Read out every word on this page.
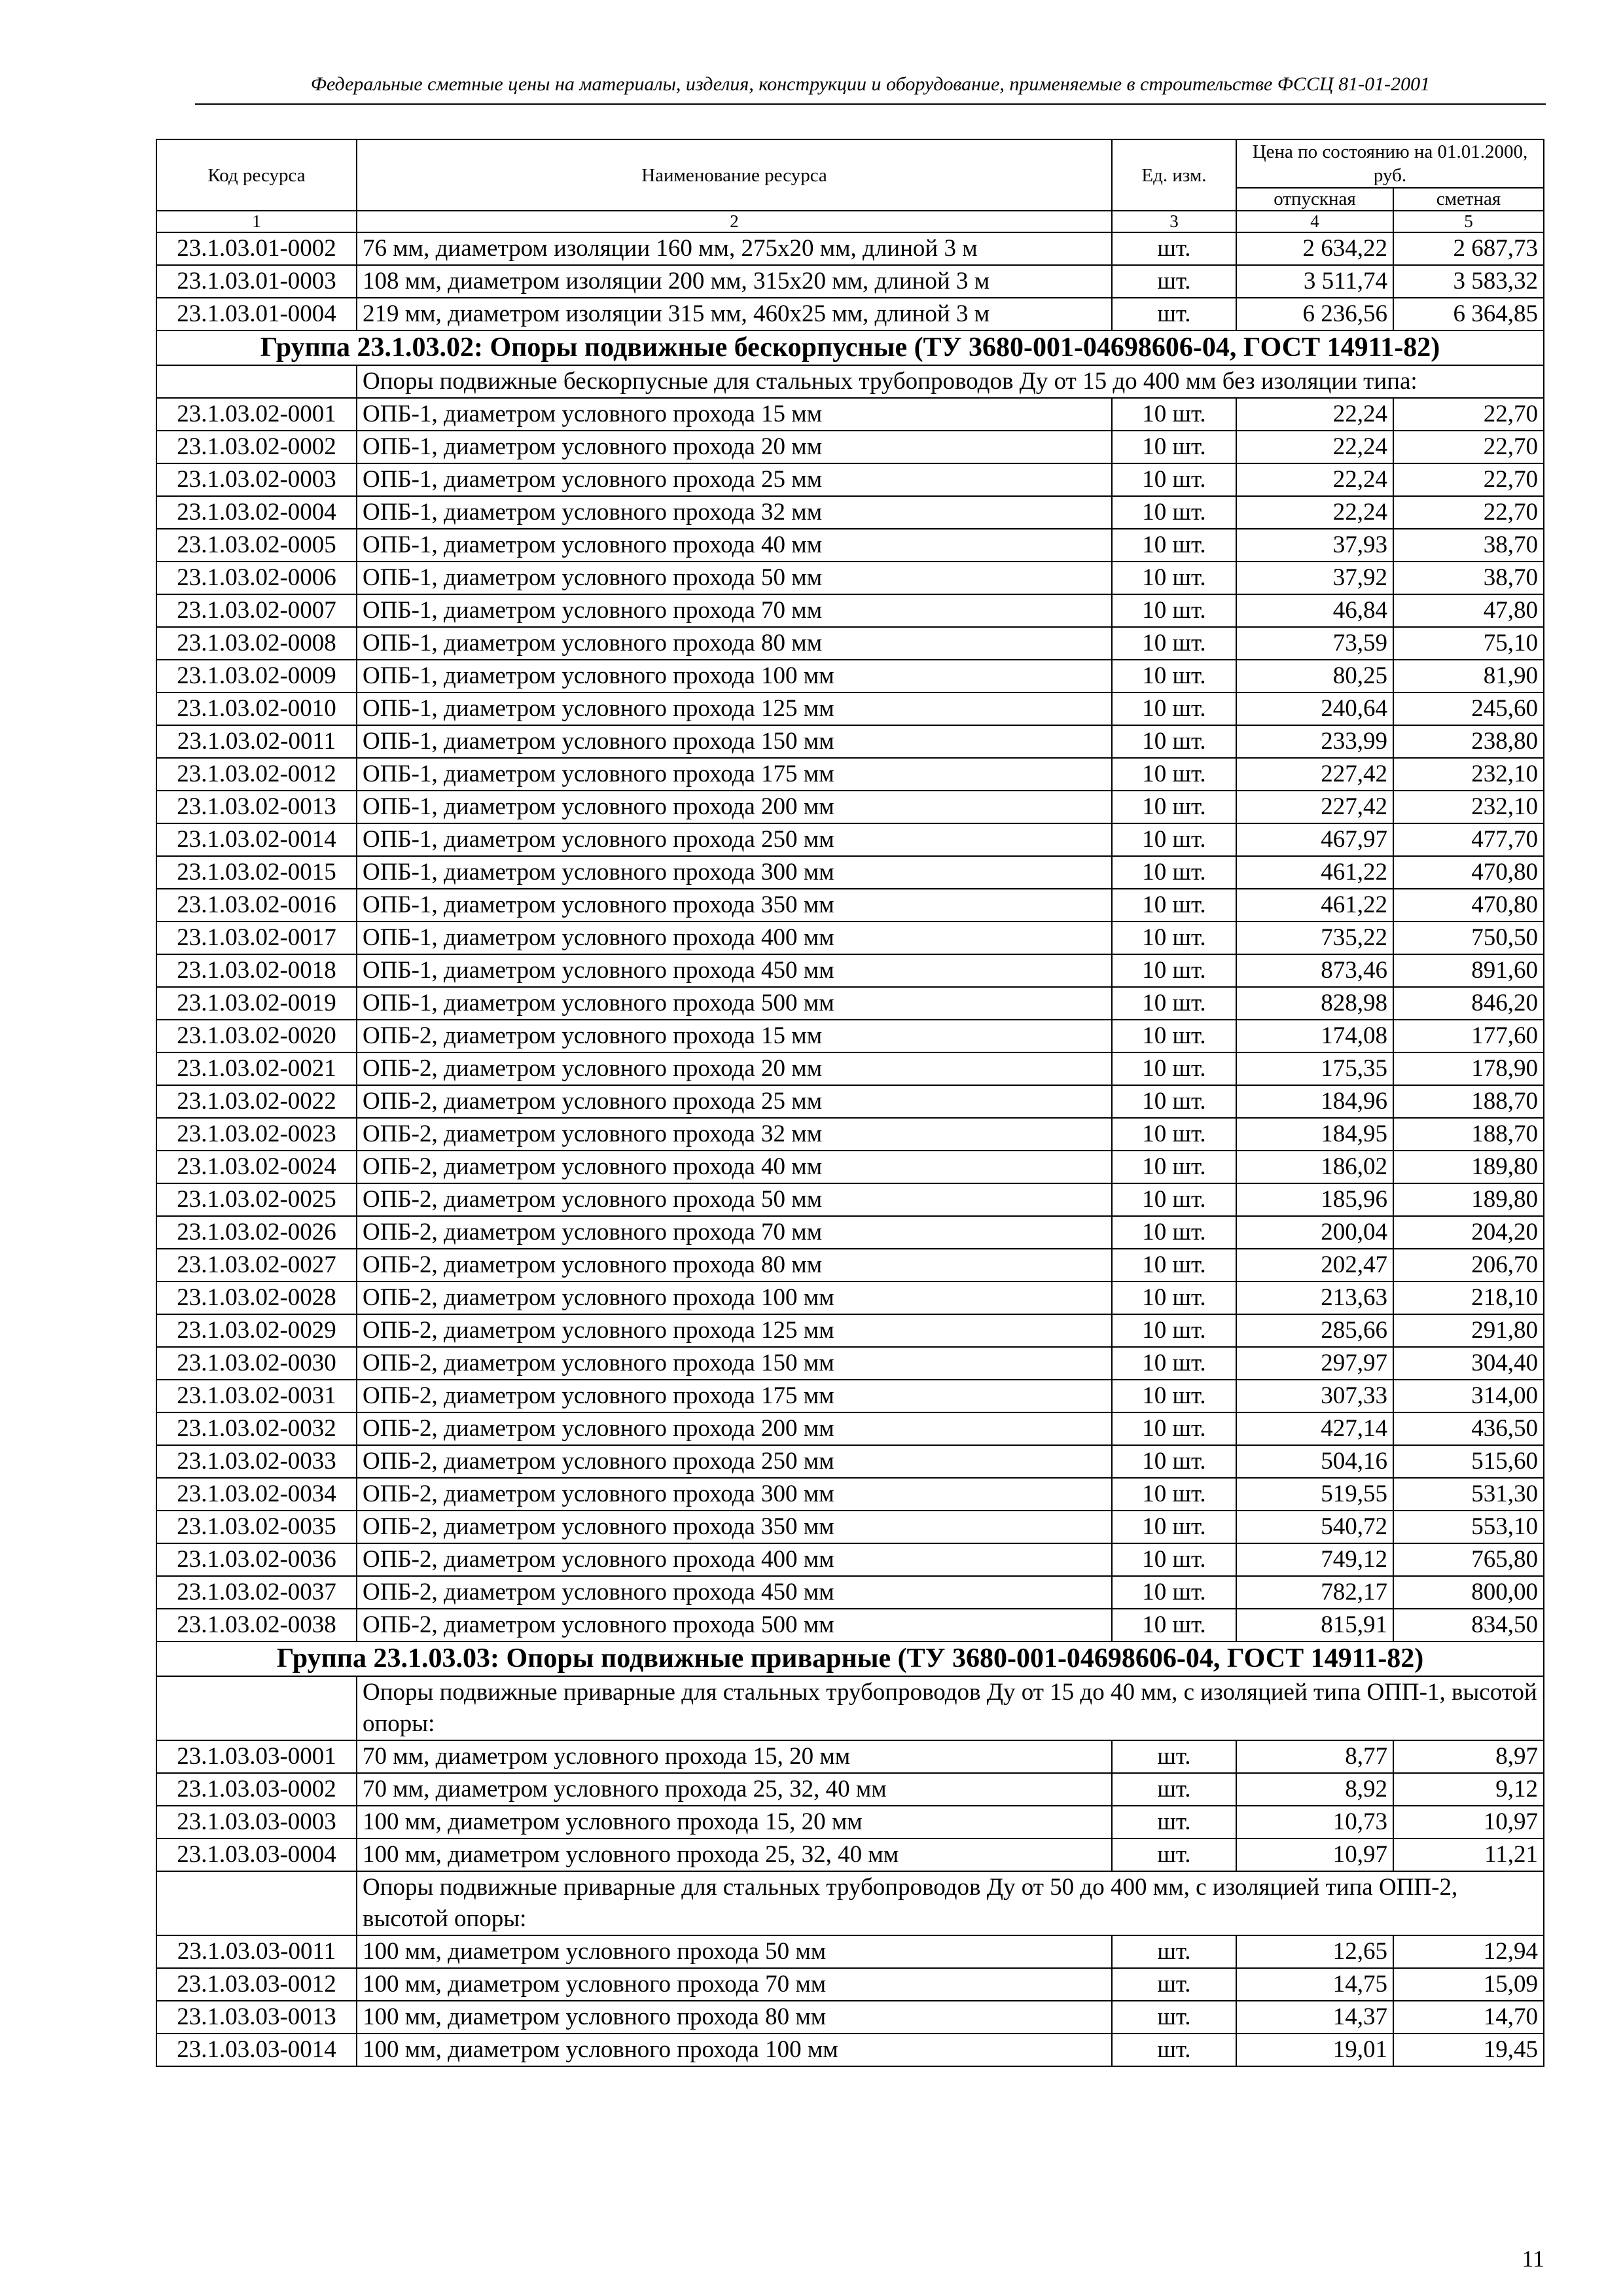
Федеральные сметные цены на материалы, изделия, конструкции и оборудование, применяемые в строительстве ФССЦ 81-01-2001
Код ресурса	Наименование ресурса	Ед. изм.	Цена по состоянию на 01.01.2000, руб.	
			отпускная	сметная
1	2	3	4	5
23.1.03.01-0002	76 мм, диаметром изоляции 160 мм, 275х20 мм, длиной 3 м	шт.	2 634,22	2 687,73
23.1.03.01-0003	108 мм, диаметром изоляции 200 мм, 315х20 мм, длиной 3 м	шт.	3 511,74	3 583,32
23.1.03.01-0004	219 мм, диаметром изоляции 315 мм, 460х25 мм, длиной 3 м	шт.	6 236,56	6 364,85
Группа 23.1.03.02: Опоры подвижные бескорпусные (ТУ 3680-001-04698606-04, ГОСТ 14911-82)				
	Опоры подвижные бескорпусные для стальных трубопроводов Ду от 15 до 400 мм без изоляции типа:			
23.1.03.02-0001	ОПБ-1, диаметром условного прохода 15 мм	10 шт.	22,24	22,70
23.1.03.02-0002	ОПБ-1, диаметром условного прохода 20 мм	10 шт.	22,24	22,70
23.1.03.02-0003	ОПБ-1, диаметром условного прохода 25 мм	10 шт.	22,24	22,70
23.1.03.02-0004	ОПБ-1, диаметром условного прохода 32 мм	10 шт.	22,24	22,70
23.1.03.02-0005	ОПБ-1, диаметром условного прохода 40 мм	10 шт.	37,93	38,70
23.1.03.02-0006	ОПБ-1, диаметром условного прохода 50 мм	10 шт.	37,92	38,70
23.1.03.02-0007	ОПБ-1, диаметром условного прохода 70 мм	10 шт.	46,84	47,80
23.1.03.02-0008	ОПБ-1, диаметром условного прохода 80 мм	10 шт.	73,59	75,10
23.1.03.02-0009	ОПБ-1, диаметром условного прохода 100 мм	10 шт.	80,25	81,90
23.1.03.02-0010	ОПБ-1, диаметром условного прохода 125 мм	10 шт.	240,64	245,60
23.1.03.02-0011	ОПБ-1, диаметром условного прохода 150 мм	10 шт.	233,99	238,80
23.1.03.02-0012	ОПБ-1, диаметром условного прохода 175 мм	10 шт.	227,42	232,10
23.1.03.02-0013	ОПБ-1, диаметром условного прохода 200 мм	10 шт.	227,42	232,10
23.1.03.02-0014	ОПБ-1, диаметром условного прохода 250 мм	10 шт.	467,97	477,70
23.1.03.02-0015	ОПБ-1, диаметром условного прохода 300 мм	10 шт.	461,22	470,80
23.1.03.02-0016	ОПБ-1, диаметром условного прохода 350 мм	10 шт.	461,22	470,80
23.1.03.02-0017	ОПБ-1, диаметром условного прохода 400 мм	10 шт.	735,22	750,50
23.1.03.02-0018	ОПБ-1, диаметром условного прохода 450 мм	10 шт.	873,46	891,60
23.1.03.02-0019	ОПБ-1, диаметром условного прохода 500 мм	10 шт.	828,98	846,20
23.1.03.02-0020	ОПБ-2, диаметром условного прохода 15 мм	10 шт.	174,08	177,60
23.1.03.02-0021	ОПБ-2, диаметром условного прохода 20 мм	10 шт.	175,35	178,90
23.1.03.02-0022	ОПБ-2, диаметром условного прохода 25 мм	10 шт.	184,96	188,70
23.1.03.02-0023	ОПБ-2, диаметром условного прохода 32 мм	10 шт.	184,95	188,70
23.1.03.02-0024	ОПБ-2, диаметром условного прохода 40 мм	10 шт.	186,02	189,80
23.1.03.02-0025	ОПБ-2, диаметром условного прохода 50 мм	10 шт.	185,96	189,80
23.1.03.02-0026	ОПБ-2, диаметром условного прохода 70 мм	10 шт.	200,04	204,20
23.1.03.02-0027	ОПБ-2, диаметром условного прохода 80 мм	10 шт.	202,47	206,70
23.1.03.02-0028	ОПБ-2, диаметром условного прохода 100 мм	10 шт.	213,63	218,10
23.1.03.02-0029	ОПБ-2, диаметром условного прохода 125 мм	10 шт.	285,66	291,80
23.1.03.02-0030	ОПБ-2, диаметром условного прохода 150 мм	10 шт.	297,97	304,40
23.1.03.02-0031	ОПБ-2, диаметром условного прохода 175 мм	10 шт.	307,33	314,00
23.1.03.02-0032	ОПБ-2, диаметром условного прохода 200 мм	10 шт.	427,14	436,50
23.1.03.02-0033	ОПБ-2, диаметром условного прохода 250 мм	10 шт.	504,16	515,60
23.1.03.02-0034	ОПБ-2, диаметром условного прохода 300 мм	10 шт.	519,55	531,30
23.1.03.02-0035	ОПБ-2, диаметром условного прохода 350 мм	10 шт.	540,72	553,10
23.1.03.02-0036	ОПБ-2, диаметром условного прохода 400 мм	10 шт.	749,12	765,80
23.1.03.02-0037	ОПБ-2, диаметром условного прохода 450 мм	10 шт.	782,17	800,00
23.1.03.02-0038	ОПБ-2, диаметром условного прохода 500 мм	10 шт.	815,91	834,50
Группа 23.1.03.03: Опоры подвижные приварные (ТУ 3680-001-04698606-04, ГОСТ 14911-82)				
	Опоры подвижные приварные для стальных трубопроводов Ду от 15 до 40 мм, с изоляцией типа ОПП-1, высотой опоры:			
23.1.03.03-0001	70 мм, диаметром условного прохода 15, 20 мм	шт.	8,77	8,97
23.1.03.03-0002	70 мм, диаметром условного прохода 25, 32, 40 мм	шт.	8,92	9,12
23.1.03.03-0003	100 мм, диаметром условного прохода 15, 20 мм	шт.	10,73	10,97
23.1.03.03-0004	100 мм, диаметром условного прохода 25, 32, 40 мм	шт.	10,97	11,21
	Опоры подвижные приварные для стальных трубопроводов Ду от 50 до 400 мм, с изоляцией типа ОПП-2, высотой опоры:			
23.1.03.03-0011	100 мм, диаметром условного прохода 50 мм	шт.	12,65	12,94
23.1.03.03-0012	100 мм, диаметром условного прохода 70 мм	шт.	14,75	15,09
23.1.03.03-0013	100 мм, диаметром условного прохода 80 мм	шт.	14,37	14,70
23.1.03.03-0014	100 мм, диаметром условного прохода 100 мм	шт.	19,01	19,45
11
